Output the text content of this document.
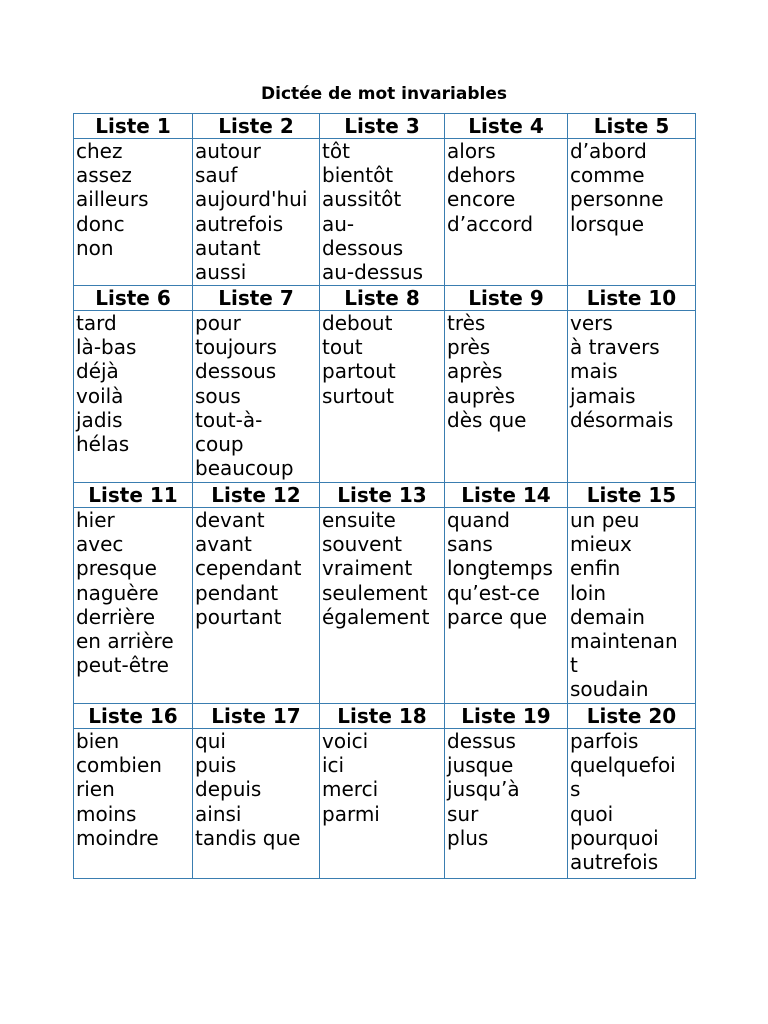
Dictée de mot invariables
Liste 1	Liste 2	Liste 3	Liste 4	Liste 5

chez
assez
ailleurs
donc
non

autour
sauf
aujourd'hui
autrefois
autant
aussi

tôt
bientôt
aussitôt
au-
dessous
au-dessus

alors
dehors
encore
d’accord

d’abord
comme
personne
lorsque

Liste 6	Liste 7	Liste 8	Liste 9	Liste 10

tard
là-bas
déjà
voilà
jadis
hélas

pour
toujours
dessous
sous
tout-à-
coup
beaucoup

debout
tout
partout
surtout

très
près
après
auprès
dès que

vers
à travers
mais
jamais
désormais

Liste 11	Liste 12	Liste 13	Liste 14	Liste 15

hier
avec
presque
naguère
derrière
en arrière
peut-être

devant
avant
cependant
pendant
pourtant

ensuite
souvent
vraiment
seulement
également

quand
sans
longtemps
qu’est-ce
parce que

un peu
mieux
enfin
loin
demain
maintenan
t
soudain

Liste 16	Liste 17	Liste 18	Liste 19	Liste 20

bien
combien
rien
moins
moindre

qui
puis
depuis
ainsi
tandis que

voici
ici
merci
parmi

dessus
jusque
jusqu’à
sur
plus

parfois
quelquefoi
s
quoi
pourquoi
autrefois
